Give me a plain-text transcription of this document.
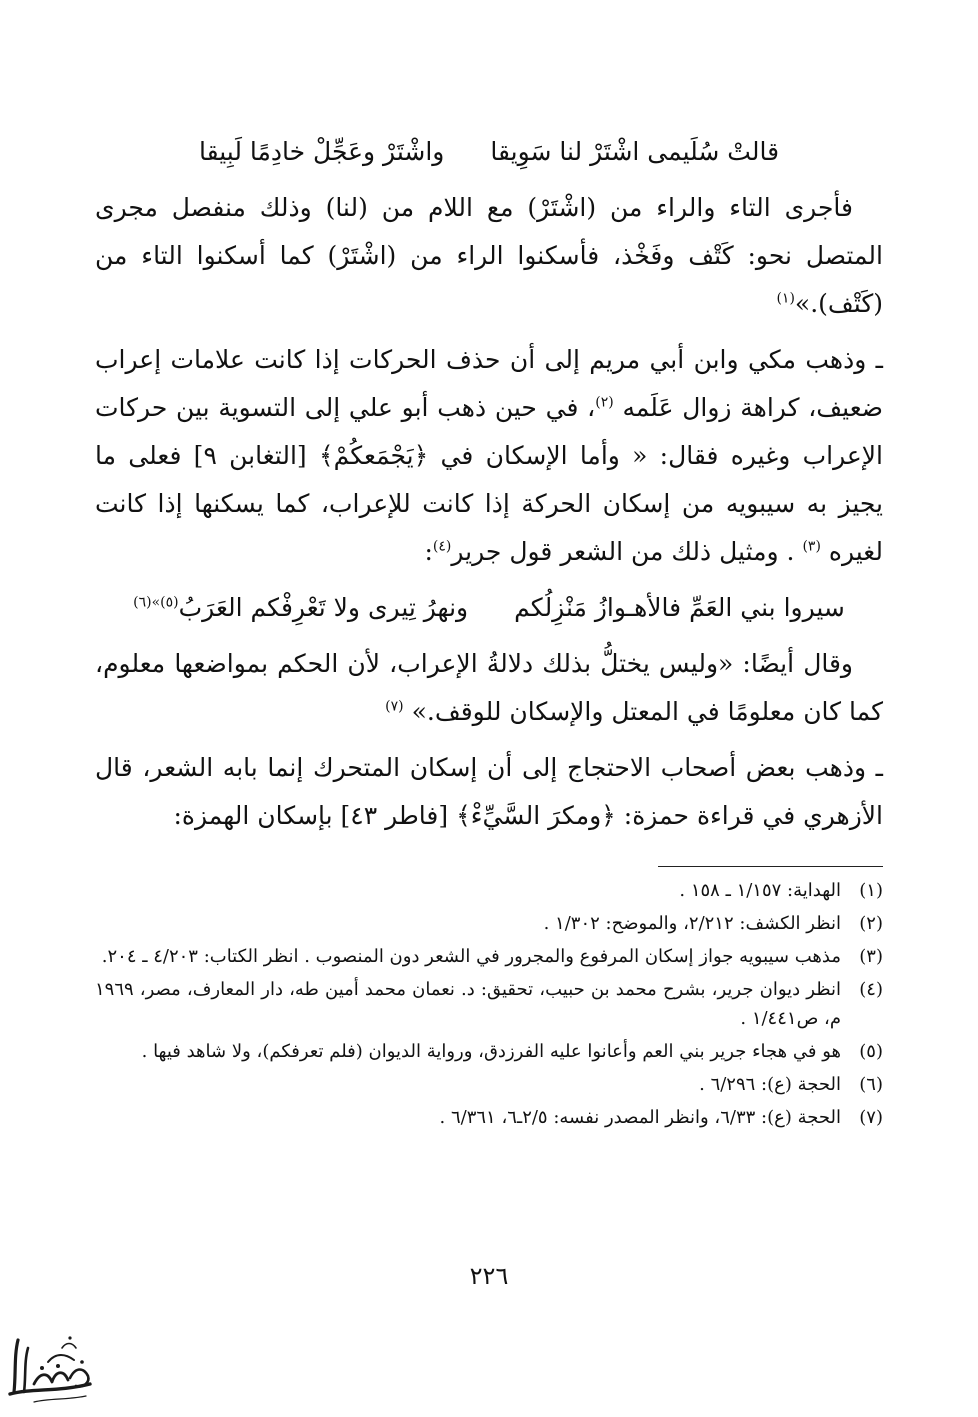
قالتْ سُلَيمى اشْتَرْ لنا سَوِيقا
واشْتَرْ وعَجِّلْ خادِمًا لَبِيقا

فأجرى التاء والراء من (اشْتَرْ) مع اللام من (لنا) وذلك منفصل مجرى المتصل نحو: كَتْف وفَخْذ، فأسكنوا الراء من (اشْتَرْ) كما أسكنوا التاء من (كَتْف).»$^{(١)}$

ـ وذهب مكي وابن أبي مريم إلى أن حذف الحركات إذا كانت علامات إعراب ضعيف، كراهة زوال عَلَمه $^{(٢)}$، في حين ذهب أبو علي إلى التسوية بين حركات الإعراب وغيره فقال: « وأما الإسكان في ﴿يَجْمَعكُمْ﴾ [التغابن ٩] فعلى ما يجيز به سيبويه من إسكان الحركة إذا كانت للإعراب، كما يسكنها إذا كانت لغيره $^{(٣)}$ . ومثيل ذلك من الشعر قول جرير$^{(٤)}$:

سيروا بني العَمِّ فالأهـوازُ مَنْزِلُكم
ونهرُ تِيرى ولا تَعْرِفْكم العَرَبُ$^{(٥)»(٦)}$

وقال أيضًا: «وليس يختلُّ بذلك دلالةُ الإعراب، لأن الحكم بمواضعها معلوم، كما كان معلومًا في المعتل والإسكان للوقف.» $^{(٧)}$

ـ وذهب بعض أصحاب الاحتجاج إلى أن إسكان المتحرك إنما بابه الشعر، قال الأزهري في قراءة حمزة: ﴿ومكرَ السَّيِّءْ﴾ [فاطر ٤٣] بإسكان الهمزة:

(١)
الهداية: ١/١٥٧ ـ ١٥٨ .
(٢)
انظر الكشف: ٢/٢١٢، والموضح: ١/٣٠٢ .
(٣)
مذهب سيبويه جواز إسكان المرفوع والمجرور في الشعر دون المنصوب . انظر الكتاب: ٤/٢٠٣ ـ ٢٠٤.
(٤)
انظر ديوان جرير، بشرح محمد بن حبيب، تحقيق: د. نعمان محمد أمين طه، دار المعارف، مصر، ١٩٦٩ م، ص١/٤٤١ .
(٥)
هو في هجاء جرير بني العم وأعانوا عليه الفرزدق، ورواية الديوان (فلم تعرفكم)، ولا شاهد فيها .
(٦)
الحجة (ع): ٦/٢٩٦ .
(٧)
الحجة (ع): ٦/٣٣، وانظر المصدر نفسه: ٢/٥ـ٦، ٦/٣٦١ .
٢٢٦
